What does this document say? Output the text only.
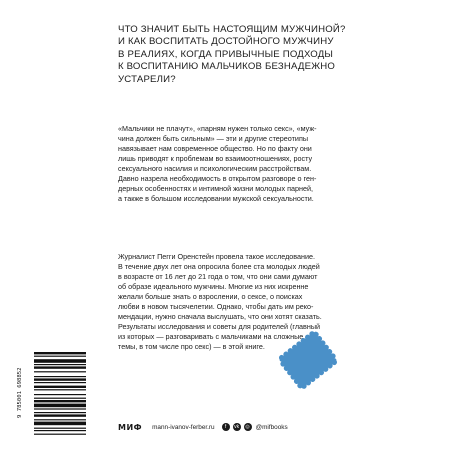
ЧТО ЗНАЧИТ БЫТЬ НАСТОЯЩИМ МУЖЧИНОЙ?
И КАК ВОСПИТАТЬ ДОСТОЙНОГО МУЖЧИНУ
В РЕАЛИЯХ, КОГДА ПРИВЫЧНЫЕ ПОДХОДЫ
К ВОСПИТАНИЮ МАЛЬЧИКОВ БЕЗНАДЕЖНО
УСТАРЕЛИ?
«Мальчики не плачут», «парням нужен только секс», «муж-
чина должен быть сильным» — эти и другие стереотипы
навязывает нам современное общество. Но по факту они
лишь приводят к проблемам во взаимоотношениях, росту
сексуального насилия и психологическим расстройствам.
Давно назрела необходимость в открытом разговоре о ген-
дерных особенностях и интимной жизни молодых парней,
а также в большом исследовании мужской сексуальности.
Журналист Пегги Оренстейн провела такое исследование.
В течение двух лет она опросила более ста молодых людей
в возрасте от 16 лет до 21 года о том, что они сами думают
об образе идеального мужчины. Многие из них искренне
желали больше знать о взрослении, о сексе, о поисках
любви в новом тысячелетии. Однако, чтобы дать им реко-
мендации, нужно сначала выслушать, что они хотят сказать.
Результаты исследования и советы для родителей (главный
из которых — разговаривать с мальчиками на сложные
темы, в том числе про секс) — в этой книге.
9 785001 698852
МИФ mann-ivanov-ferber.ru	f	vk	◎ @mifbooks
